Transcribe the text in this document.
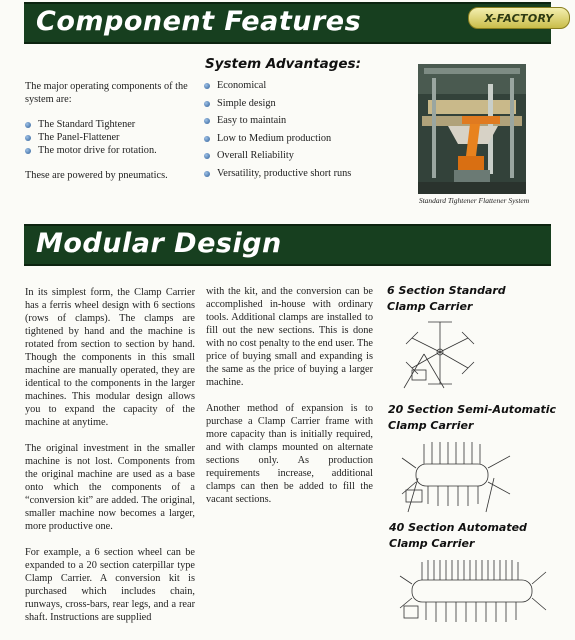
Component Features	X-FACTORY

The major operating components of the system are:

The Standard Tightener
The Panel-Flattener
The motor drive for rotation.

These are powered by pneumatics.

System Advantages:
Economical
Simple design
Easy to maintain
Low to Medium production
Overall Reliability
Versatility, productive short runs
Standard Tightener Flattener System
Modular Design

In its simplest form, the Clamp Carrier has a ferris wheel design with 6 sections (rows of clamps). The clamps are tightened by hand and the machine is rotated from section to section by hand. Though the components in this small machine are manually operated, they are identical to the components in the larger machines. This modular design allows you to expand the capacity of the machine at anytime.

The original investment in the smaller machine is not lost. Components from the original machine are used as a base onto which the components of a “conversion kit” are added. The original, smaller machine now becomes a larger, more productive one.

For example, a 6 section wheel can be expanded to a 20 section caterpillar type Clamp Carrier. A conversion kit is purchased which includes chain, runways, cross-bars, rear legs, and a rear shaft. Instructions are supplied

with the kit, and the conversion can be accomplished in-house with ordinary tools. Additional clamps are installed to fill out the new sections. This is done with no cost penalty to the end user. The price of buying small and expanding is the same as the price of buying a larger machine.

Another method of expansion is to purchase a Clamp Carrier frame with more capacity than is initially required, and with clamps mounted on alternate sections only. As production requirements increase, additional clamps can then be added to fill the vacant sections.

6 Section Standard
Clamp Carrier
20 Section Semi-Automatic
Clamp Carrier
40 Section Automated
Clamp Carrier
